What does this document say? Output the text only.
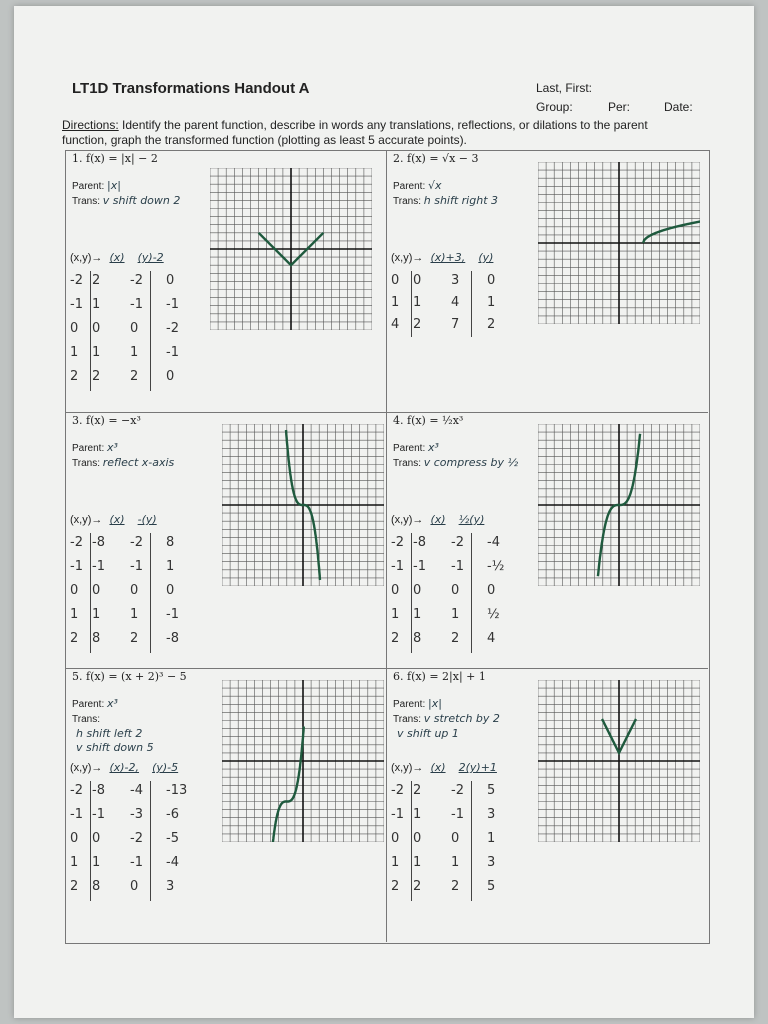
LT1D Transformations Handout A	Last, First:
Group:	Per:	Date:
Directions: Identify the parent function, describe in words any translations, reflections, or dilations to the parent function, graph the transformed function (plotting as least 5 accurate points).
1. f(x) = |x| − 2
Parent: |x|
Trans: v shift down 2
(x,y)→ (x) (y)-2
-2 2 -2 0
-1 1 -1 -1
0 0 0 -2
1 1 1 -1
2 2 2 0
2. f(x) = √x − 3
Parent: √x
Trans: h shift right 3
(x,y)→ (x)+3, (y)
0 0 3 0
1 1 4 1
4 2 7 2
3. f(x) = −x³
Parent: x³
Trans: reflect x-axis
(x,y)→ (x) -(y)
-2 -8 -2 8
-1 -1 -1 1
0 0 0 0
1 1 1 -1
2 8 2 -8
4. f(x) = ½x³
Parent: x³
Trans: v compress by ½
(x,y)→ (x) ½(y)
-2 -8 -2 -4
-1 -1 -1 -½
0 0 0 0
1 1 1 ½
2 8 2 4
5. f(x) = (x + 2)³ − 5
Parent: x³
Trans:
h shift left 2
v shift down 5
(x,y)→ (x)-2, (y)-5
-2 -8 -4 -13
-1 -1 -3 -6
0 0 -2 -5
1 1 -1 -4
2 8 0 3
6. f(x) = 2|x| + 1
Parent: |x|
Trans: v stretch by 2
v shift up 1
(x,y)→ (x) 2(y)+1
-2 2 -2 5
-1 1 -1 3
0 0 0 1
1 1 1 3
2 2 2 5
